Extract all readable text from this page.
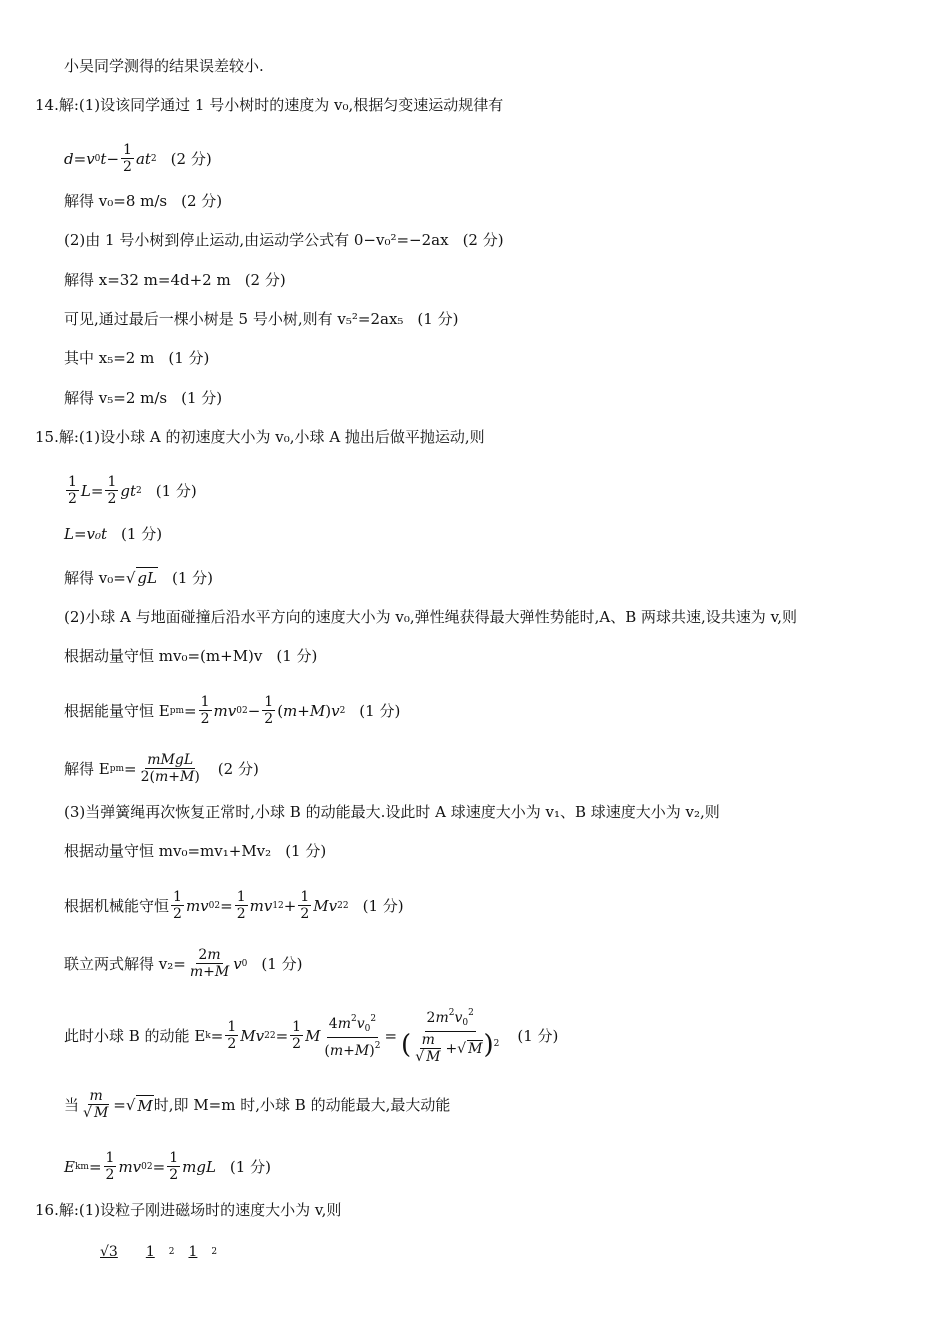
小吴同学测得的结果误差较小.
14.解:(1)设该同学通过 1 号小树时的速度为 v₀,根据匀变速运动规律有
d = v 0 $t - \frac{1}{2}$ at 2 (2 分)
解得 v₀=8 m/s (2 分)
(2)由 1 号小树到停止运动,由运动学公式有 0−v₀²=−2ax (2 分)
解得 x=32 m=4d+2 m (2 分)
可见,通过最后一棵小树是 5 号小树,则有 v₅²=2ax₅ (1 分)
其中 x₅=2 m (1 分)
解得 v₅=2 m/s (1 分)
15.解:(1)设小球 A 的初速度大小为 v₀,小球 A 抛出后做平抛运动,则
$\frac{1}{2}$ $L = \frac{1}{2}$ gt 2 (1 分)
L=v₀t (1 分)
解得 v₀= √ gL (1 分)
(2)小球 A 与地面碰撞后沿水平方向的速度大小为 v₀,弹性绳获得最大弹性势能时,A、B 两球共速,设共速为 v,则
根据动量守恒 mv₀=(m+M)v (1 分)
根据能量守恒 E pm = $\frac{1}{2}$ mv 0 $2 - \frac{1}{2}$ ( m + M ) v 2 (1 分)
解得 E pm = $\frac{\text{mMgL}}{2(m+M)} (2$ 分)
(3)当弹簧绳再次恢复正常时,小球 B 的动能最大.设此时 A 球速度大小为 v₁、B 球速度大小为 v₂,则
根据动量守恒 mv₀=mv₁+Mv₂ (1 分)
根据机械能守恒 $\frac{1}{2}$ mv 0 $2 = \frac{1}{2}$ mv 1 $2 + \frac{1}{2}$ Mv 2 2 (1 分)
联立两式解得 $v_2= \frac{2m}{m+M}$ v 0 (1 分)
此时小球 B 的动能 E $k = \frac{1}{2}$ Mv 2 $2 = \frac{1}{2}$ M $\frac{4m^2v_0^2}{(m+M)^2} = \frac{2m^2v_0^2}{( \frac{m}{√ M} +√ M)^2} (1$ 分)
当 $\frac{m}{√ M}$ =√ M 时,即 M=m 时,小球 B 的动能最大,最大动能
E km = $\frac{1}{2}$ mv 0 $2 = \frac{1}{2}$ mgL (1 分)
16.解:(1)设粒子刚进磁场时的速度大小为 v,则
√3 1 2 1 2
